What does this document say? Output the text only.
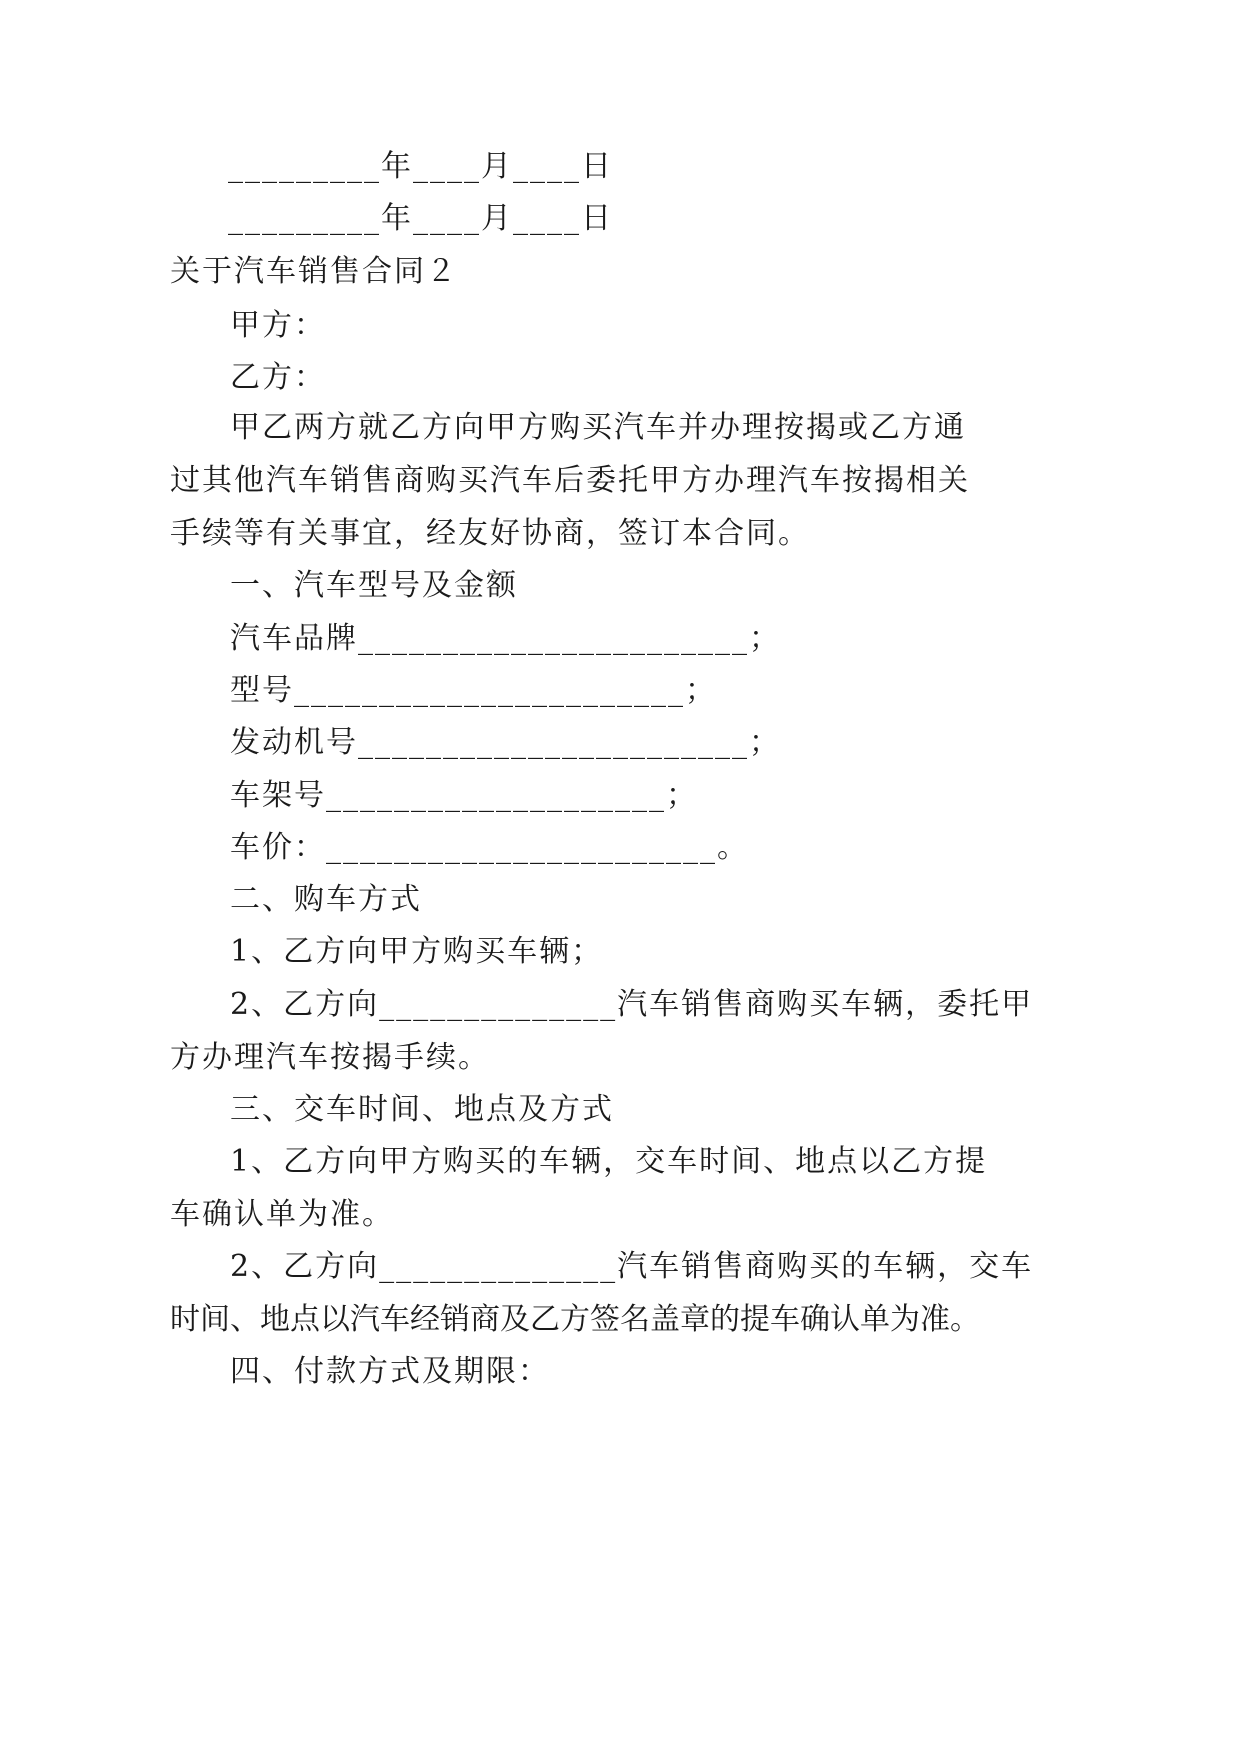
_________年____月____日
_________年____月____日
关于汽车销售合同２
甲方：
乙方：
甲乙两方就乙方向甲方购买汽车并办理按揭或乙方通
过其他汽车销售商购买汽车后委托甲方办理汽车按揭相关
手续等有关事宜，经友好协商，签订本合同。
一、汽车型号及金额
汽车品牌_______________________；
型号_______________________；
发动机号_______________________；
车架号____________________；
车价：_______________________。
二、购车方式
1、乙方向甲方购买车辆；
2、乙方向______________汽车销售商购买车辆，委托甲
方办理汽车按揭手续。
三、交车时间、地点及方式
1、乙方向甲方购买的车辆，交车时间、地点以乙方提
车确认单为准。
2、乙方向______________汽车销售商购买的车辆，交车
时间、地点以汽车经销商及乙方签名盖章的提车确认单为准。
四、付款方式及期限：
